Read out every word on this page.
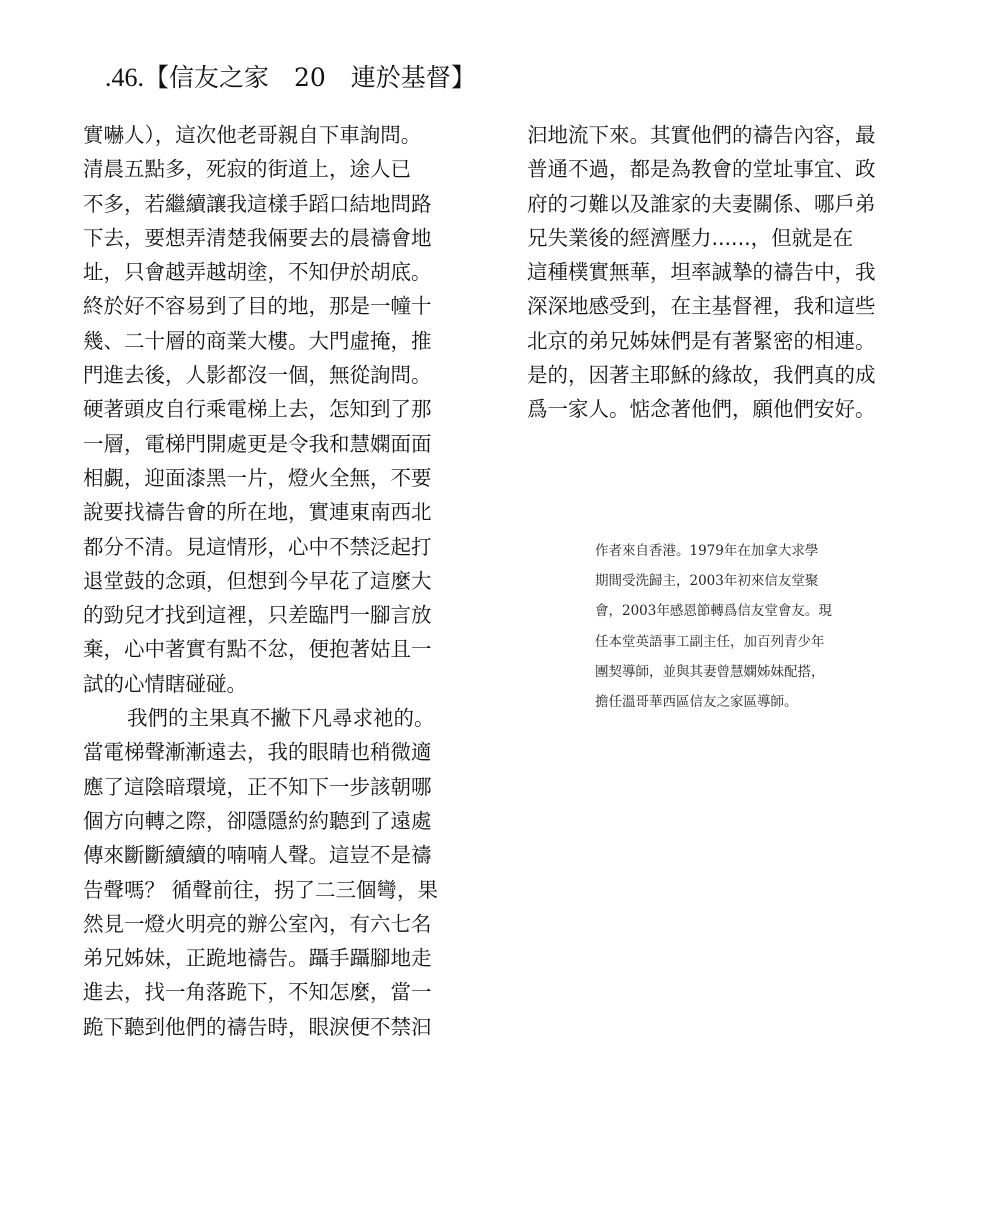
.46.【信友之家　20　連於基督】
實嚇人），這次他老哥親自下車詢問。
清晨五點多，死寂的街道上，途人已
不多，若繼續讓我這樣手蹈口結地問路
下去，要想弄清楚我倆要去的晨禱會地
址，只會越弄越胡塗，不知伊於胡底。
終於好不容易到了目的地，那是一幢十
幾、二十層的商業大樓。大門虛掩，推
門進去後，人影都沒一個，無從詢問。
硬著頭皮自行乘電梯上去，怎知到了那
一層，電梯門開處更是令我和慧嫻面面
相覷，迎面漆黑一片，燈火全無，不要
說要找禱告會的所在地，實連東南西北
都分不清。見這情形，心中不禁泛起打
退堂鼓的念頭，但想到今早花了這麼大
的勁兒才找到這裡，只差臨門一腳言放
棄，心中著實有點不忿，便抱著姑且一
試的心情瞎碰碰。
我們的主果真不撇下凡尋求祂的。
當電梯聲漸漸遠去，我的眼睛也稍微適
應了這陰暗環境，正不知下一步該朝哪
個方向轉之際，卻隱隱約約聽到了遠處
傳來斷斷續續的喃喃人聲。這豈不是禱
告聲嗎？ 循聲前往，拐了二三個彎，果
然見一燈火明亮的辦公室內，有六七名
弟兄姊妹，正跪地禱告。躡手躡腳地走
進去，找一角落跪下，不知怎麼，當一
跪下聽到他們的禱告時，眼淚便不禁汩
汩地流下來。其實他們的禱告內容，最
普通不過，都是為教會的堂址事宜、政
府的刁難以及誰家的夫妻關係、哪戶弟
兄失業後的經濟壓力......，但就是在
這種樸實無華，坦率誠摯的禱告中，我
深深地感受到，在主基督裡，我和這些
北京的弟兄姊妹們是有著緊密的相連。
是的，因著主耶穌的緣故，我們真的成
爲一家人。惦念著他們，願他們安好。
作者來自香港。1979年在加拿大求學
期間受洗歸主，2003年初來信友堂聚
會，2003年感恩節轉爲信友堂會友。現
任本堂英語事工副主任，加百列青少年
團契導師，並與其妻曾慧嫻姊妹配搭，
擔任溫哥華西區信友之家區導師。
